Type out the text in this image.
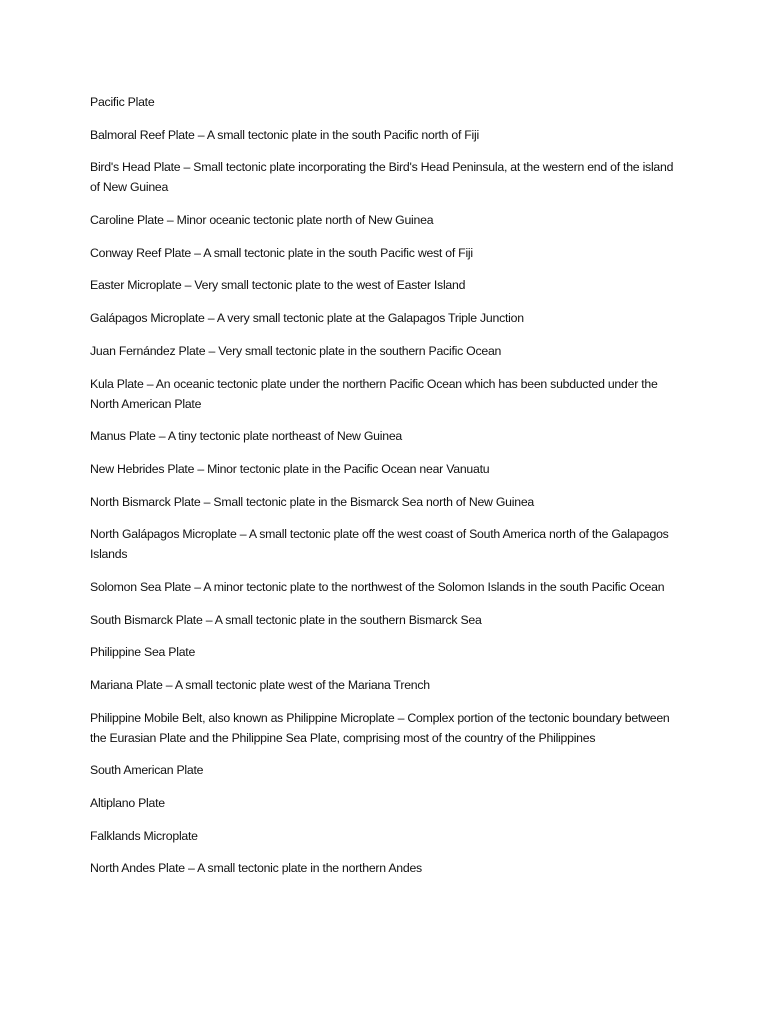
Pacific Plate

Balmoral Reef Plate – A small tectonic plate in the south Pacific north of Fiji

Bird's Head Plate – Small tectonic plate incorporating the Bird's Head Peninsula, at the western end of the island of New Guinea

Caroline Plate – Minor oceanic tectonic plate north of New Guinea

Conway Reef Plate – A small tectonic plate in the south Pacific west of Fiji

Easter Microplate – Very small tectonic plate to the west of Easter Island

Galápagos Microplate – A very small tectonic plate at the Galapagos Triple Junction

Juan Fernández Plate – Very small tectonic plate in the southern Pacific Ocean

Kula Plate – An oceanic tectonic plate under the northern Pacific Ocean which has been subducted under the North American Plate

Manus Plate – A tiny tectonic plate northeast of New Guinea

New Hebrides Plate – Minor tectonic plate in the Pacific Ocean near Vanuatu

North Bismarck Plate – Small tectonic plate in the Bismarck Sea north of New Guinea

North Galápagos Microplate – A small tectonic plate off the west coast of South America north of the Galapagos Islands

Solomon Sea Plate – A minor tectonic plate to the northwest of the Solomon Islands in the south Pacific Ocean

South Bismarck Plate – A small tectonic plate in the southern Bismarck Sea

Philippine Sea Plate

Mariana Plate – A small tectonic plate west of the Mariana Trench

Philippine Mobile Belt, also known as Philippine Microplate – Complex portion of the tectonic boundary between the Eurasian Plate and the Philippine Sea Plate, comprising most of the country of the Philippines

South American Plate

Altiplano Plate

Falklands Microplate

North Andes Plate – A small tectonic plate in the northern Andes
